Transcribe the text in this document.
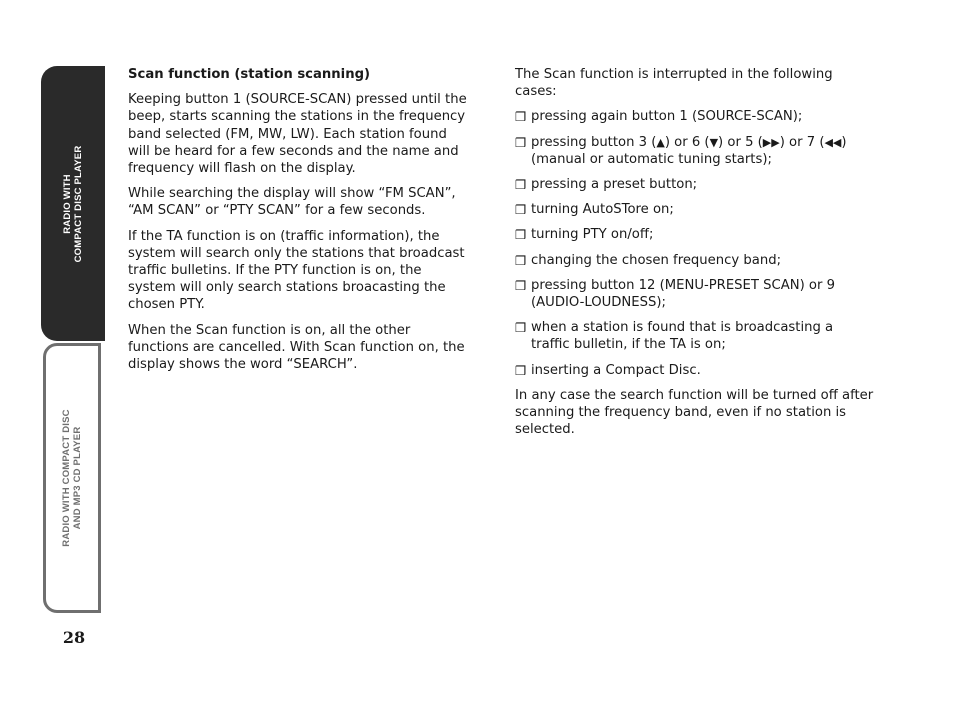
RADIO WITH COMPACT DISC PLAYER
RADIO WITH COMPACT DISC AND MP3 CD PLAYER
28

Scan function (station scanning)

Keeping button 1 (SOURCE-SCAN) pressed until the beep, starts scanning the stations in the frequency band selected (FM, MW, LW). Each station found will be heard for a few seconds and the name and frequency will flash on the display.

While searching the display will show “FM SCAN”, “AM SCAN” or “PTY SCAN” for a few seconds.

If the TA function is on (traffic information), the system will search only the stations that broadcast traffic bulletins. If the PTY function is on, the system will only search stations broacasting the chosen PTY.

When the Scan function is on, all the other functions are cancelled. With Scan function on, the display shows the word “SEARCH”.

The Scan function is interrupted in the following cases:

❒ pressing again button 1 (SOURCE-SCAN);
❒ pressing button 3 (▲) or 6 (▼) or 5 (▶▶) or 7 (◀◀) (manual or automatic tuning starts);
❒ pressing a preset button;
❒ turning AutoSTore on;
❒ turning PTY on/off;
❒ changing the chosen frequency band;
❒ pressing button 12 (MENU-PRESET SCAN) or 9 (AUDIO-LOUDNESS);
❒ when a station is found that is broadcasting a traffic bulletin, if the TA is on;
❒ inserting a Compact Disc.

In any case the search function will be turned off after scanning the frequency band, even if no station is selected.
